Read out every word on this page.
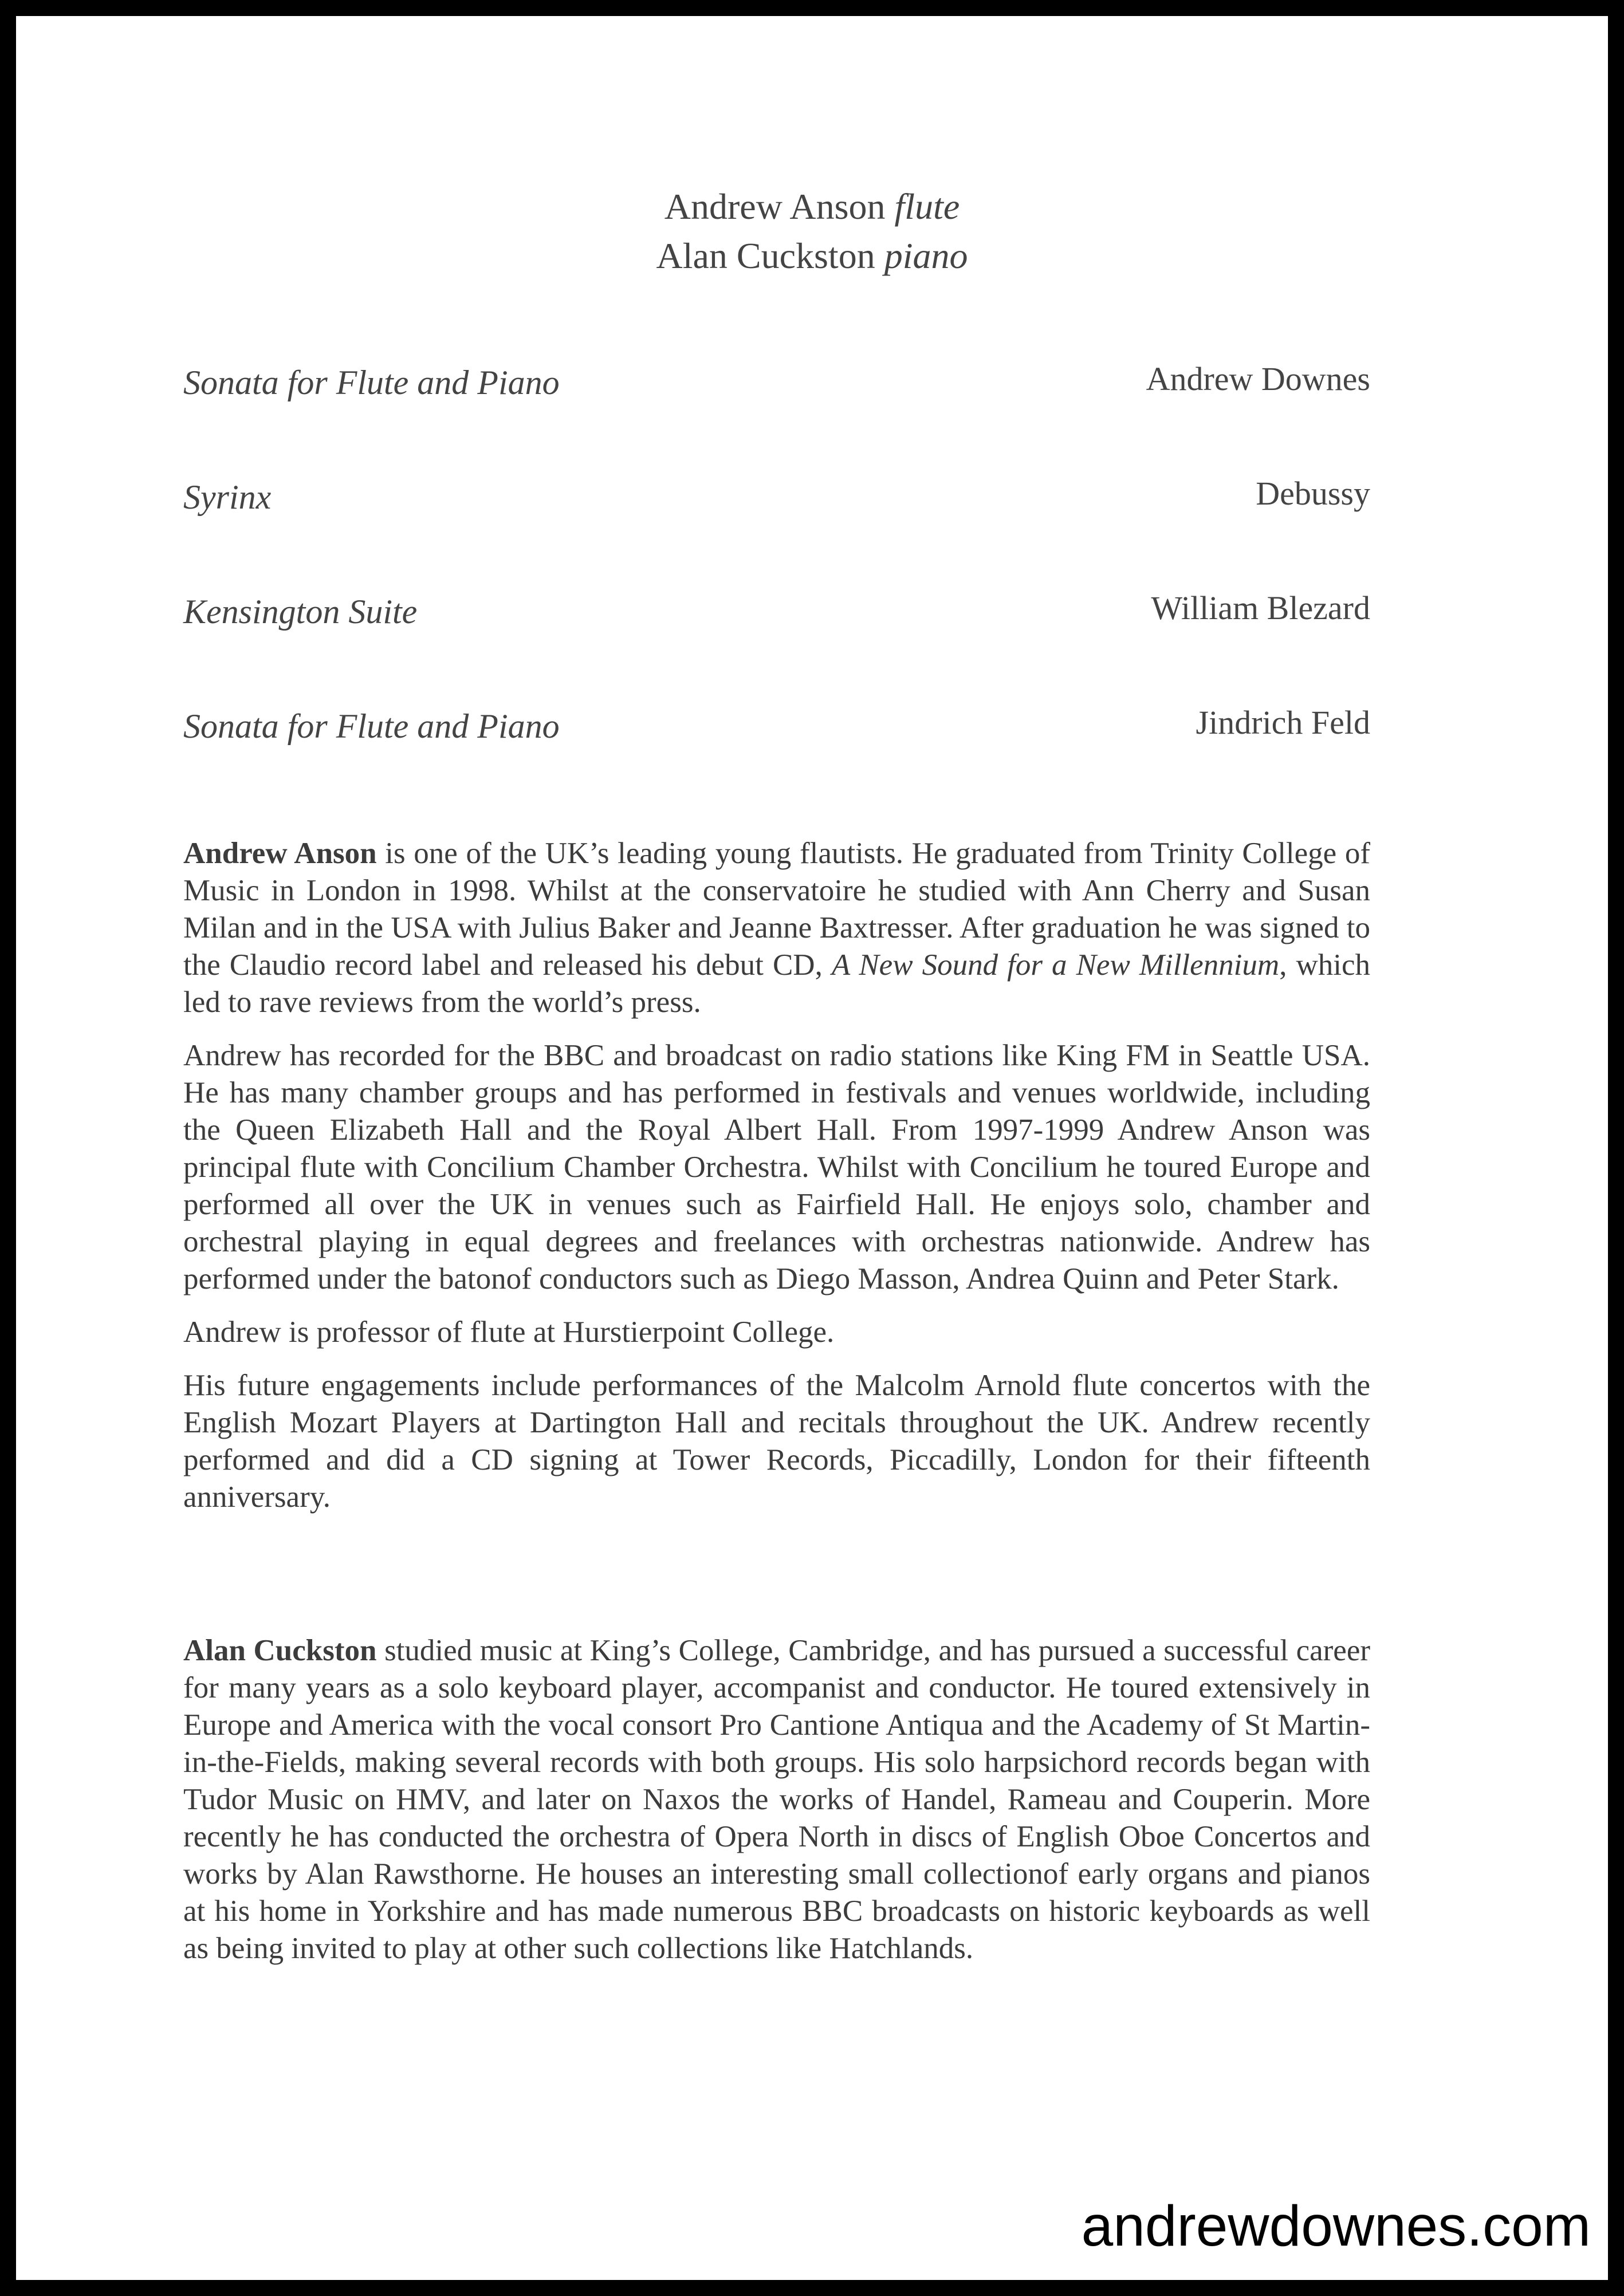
Andrew Anson flute
Alan Cuckston piano
Sonata for Flute and Piano	Andrew Downes
Syrinx	Debussy
Kensington Suite	William Blezard
Sonata for Flute and Piano	Jindrich Feld

Andrew Anson is one of the UK’s leading young flautists. He graduated from Trinity College of Music in London in 1998. Whilst at the conservatoire he studied with Ann Cherry and Susan Milan and in the USA with Julius Baker and Jeanne Baxtresser. After graduation he was signed to the Claudio record label and released his debut CD, A New Sound for a New Millennium, which led to rave reviews from the world’s press.

Andrew has recorded for the BBC and broadcast on radio stations like King FM in Seattle USA. He has many chamber groups and has performed in festivals and venues worldwide, including the Queen Elizabeth Hall and the Royal Albert Hall. From 1997-1999 Andrew Anson was principal flute with Concilium Chamber Orchestra. Whilst with Concilium he toured Europe and performed all over the UK in venues such as Fairfield Hall. He enjoys solo, chamber and orchestral playing in equal degrees and freelances with orchestras nationwide. Andrew has performed under the batonof conductors such as Diego Masson, Andrea Quinn and Peter Stark.

Andrew is professor of flute at Hurstierpoint College.

His future engagements include performances of the Malcolm Arnold flute concertos with the English Mozart Players at Dartington Hall and recitals throughout the UK. Andrew recently performed and did a CD signing at Tower Records, Piccadilly, London for their fifteenth anniversary.

Alan Cuckston studied music at King’s College, Cambridge, and has pursued a successful career for many years as a solo keyboard player, accompanist and conductor. He toured extensively in Europe and America with the vocal consort Pro Cantione Antiqua and the Academy of St Martin-in-the-Fields, making several records with both groups. His solo harpsichord records began with Tudor Music on HMV, and later on Naxos the works of Handel, Rameau and Couperin. More recently he has conducted the orchestra of Opera North in discs of English Oboe Concertos and works by Alan Rawsthorne. He houses an interesting small collectionof early organs and pianos at his home in Yorkshire and has made numerous BBC broadcasts on historic keyboards as well as being invited to play at other such collections like Hatchlands.

andrewdownes.com
